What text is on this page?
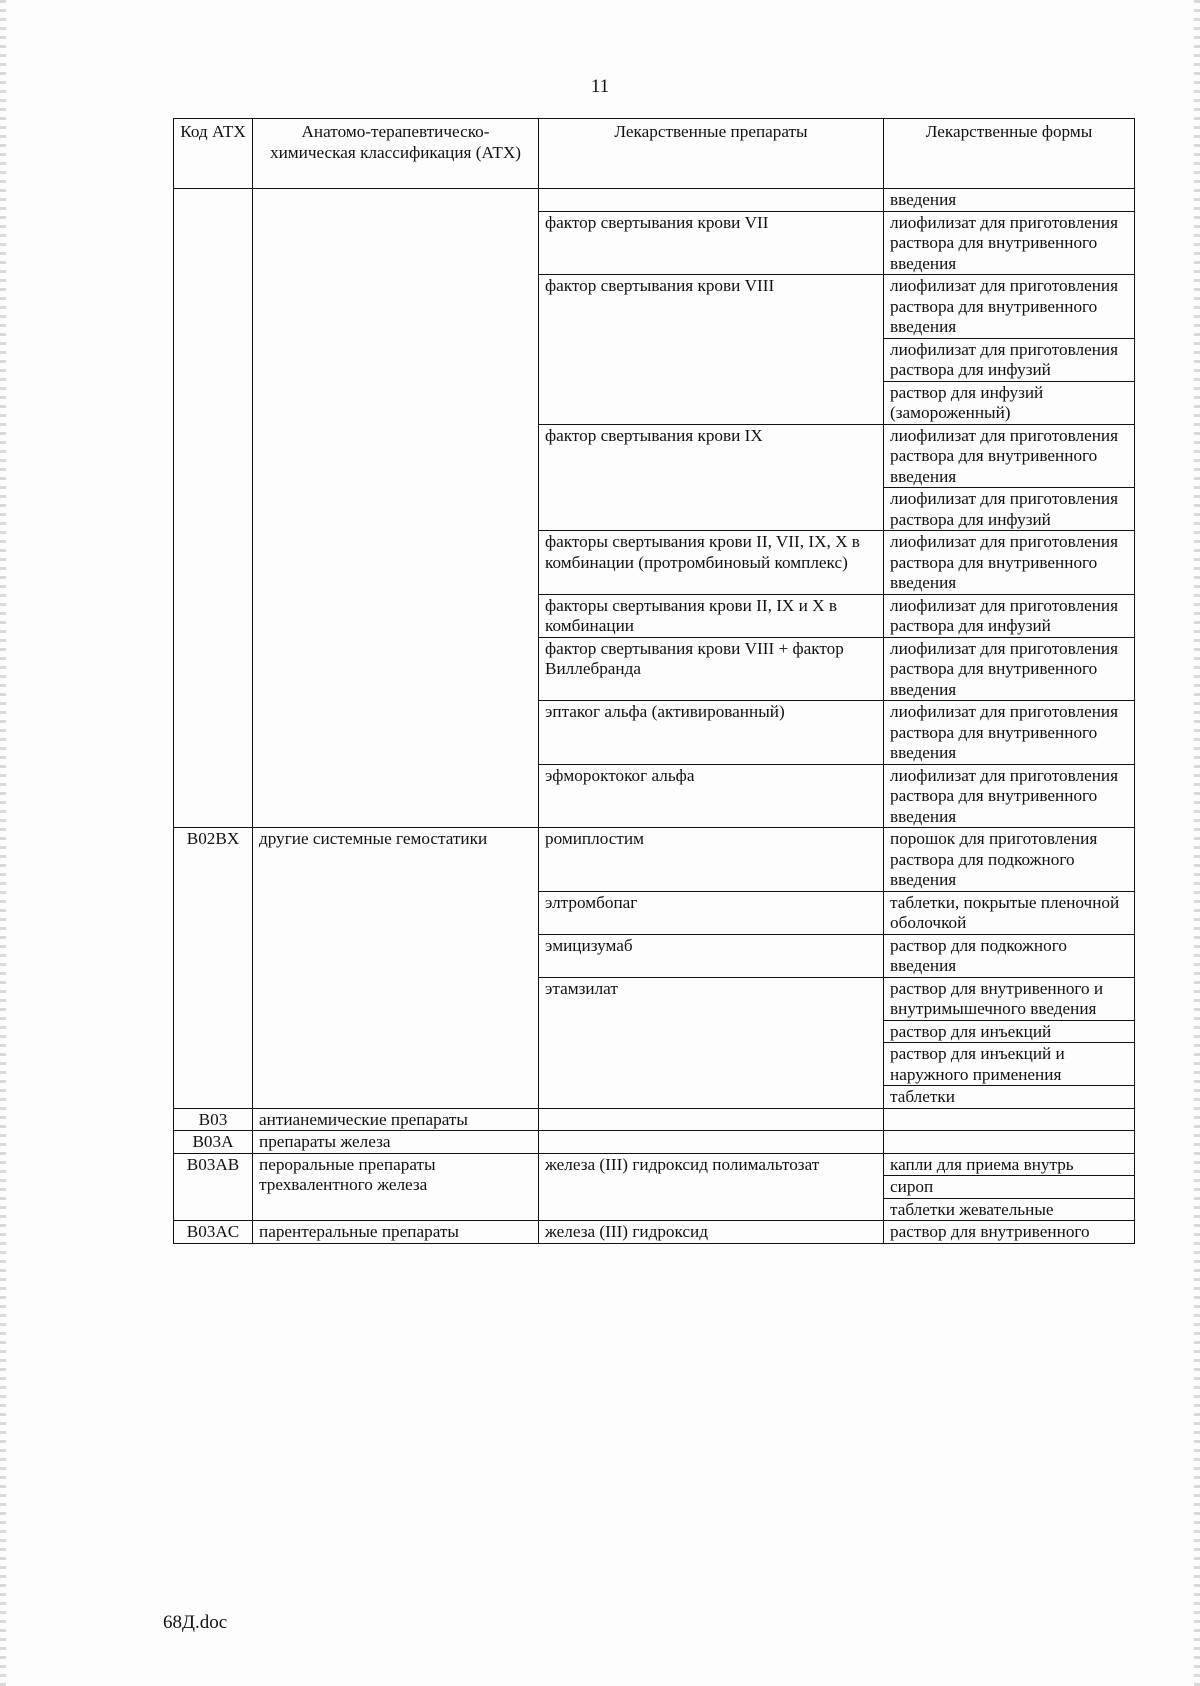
11
Код АТХ	Анатомо-терапевтическо-химическая классификация (АТХ)	Лекарственные препараты	Лекарственные формы
			введения
		фактор свертывания крови VII	лиофилизат для приготовления раствора для внутривенного введения
		фактор свертывания крови VIII	лиофилизат для приготовления раствора для внутривенного введения
			лиофилизат для приготовления раствора для инфузий
			раствор для инфузий (замороженный)
		фактор свертывания крови IX	лиофилизат для приготовления раствора для внутривенного введения
			лиофилизат для приготовления раствора для инфузий
		факторы свертывания крови II, VII, IX, X в комбинации (протромбиновый комплекс)	лиофилизат для приготовления раствора для внутривенного введения
		факторы свертывания крови II, IX и X в комбинации	лиофилизат для приготовления раствора для инфузий
		фактор свертывания крови VIII + фактор Виллебранда	лиофилизат для приготовления раствора для внутривенного введения
		эптаког альфа (активированный)	лиофилизат для приготовления раствора для внутривенного введения
		эфмороктоког альфа	лиофилизат для приготовления раствора для внутривенного введения
B02BX	другие системные гемостатики	ромиплостим	порошок для приготовления раствора для подкожного введения
		элтромбопаг	таблетки, покрытые пленочной оболочкой
		эмицизумаб	раствор для подкожного введения
		этамзилат	раствор для внутривенного и внутримышечного введения
			раствор для инъекций
			раствор для инъекций и наружного применения
			таблетки
B03	антианемические препараты		
B03A	препараты железа		
B03AB	пероральные препараты трехвалентного железа	железа (III) гидроксид полимальтозат	капли для приема внутрь
			сироп
			таблетки жевательные
B03AC	парентеральные препараты	железа (III) гидроксид	раствор для внутривенного
68Д.doc
